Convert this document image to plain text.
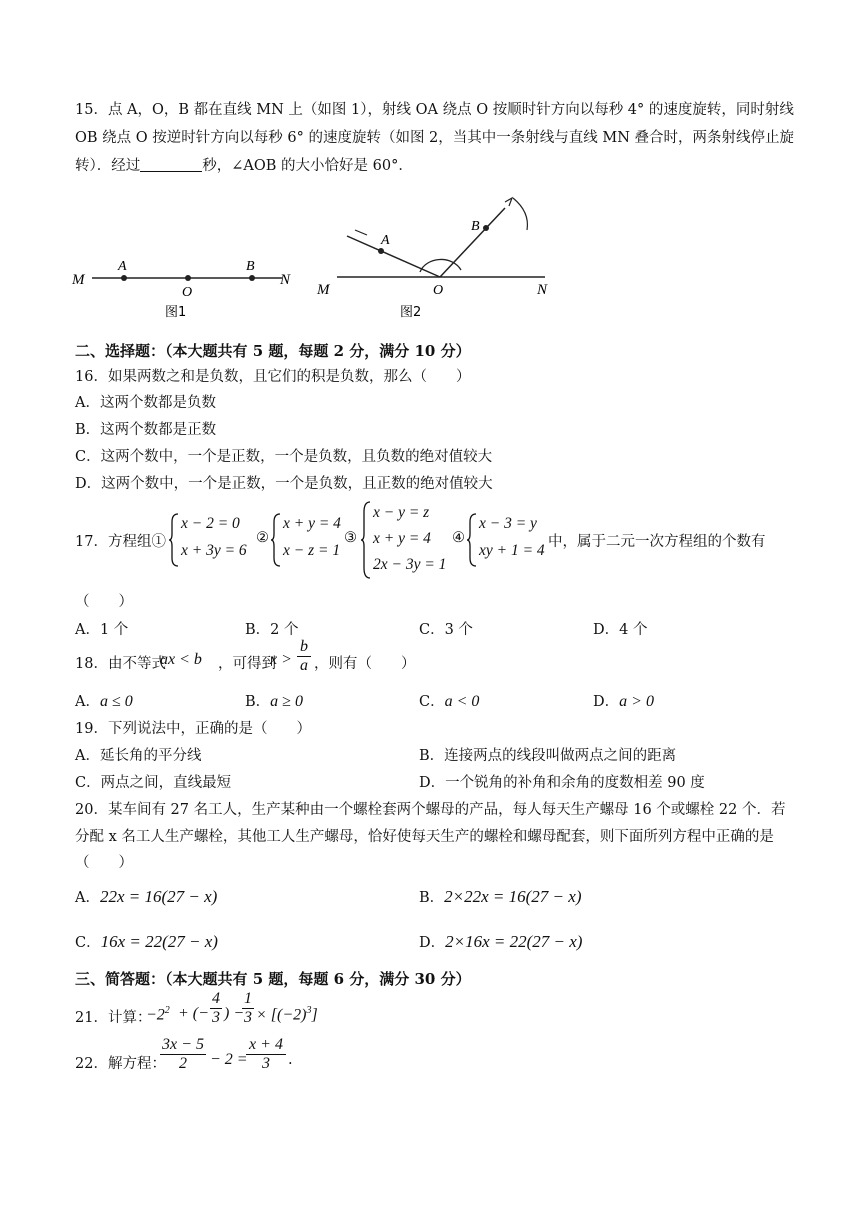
15．点 A，O，B 都在直线 MN 上（如图 1），射线 OA 绕点 O 按顺时针方向以每秒 4° 的速度旋转，同时射线
OB 绕点 O 按逆时针方向以每秒 6° 的速度旋转（如图 2，当其中一条射线与直线 MN 叠合时，两条射线停止旋
转）．经过	秒，∠AOB 的大小恰好是 60°．
M
A
O
B
N
图1
M
A
O
B
N
图2
二、选择题：（本大题共有 5 题，每题 2 分，满分 10 分）
16．如果两数之和是负数，且它们的积是负数，那么（　　）
A．这两个数都是负数
B．这两个数都是正数
C．这两个数中，一个是正数，一个是负数，且负数的绝对值较大
D．这两个数中，一个是正数，一个是负数，且正数的绝对值较大
17．方程组①
x − 2 = 0
x + 3y = 6
②
x + y = 4
x − z = 1
③
x − y = z
x + y = 4
2x − 3y = 1
④
x − 3 = y
xy + 1 = 4 中，属于二元一次方程组的个数有
（　　）
A．1 个	B．2 个	C．3 个	D．4 个
18．由不等式
ax < b ，可得到
$x > \frac{b}{a}$ ，则有（　　）
A．a ≤ 0	B．a ≥ 0	C．a < 0	D．a > 0
19．下列说法中，正确的是（　　）
A．延长角的平分线	B．连接两点的线段叫做两点之间的距离
C．两点之间，直线最短	D．一个锐角的补角和余角的度数相差 90 度
20．某车间有 27 名工人，生产某种由一个螺栓套两个螺母的产品，每人每天生产螺母 16 个或螺栓 22 个．若
分配 x 名工人生产螺栓，其他工人生产螺母，恰好使每天生产的螺栓和螺母配套，则下面所列方程中正确的是
（　　）
A．22x = 16(27 − x)	B．2×22x = 16(27 − x)
C．16x = 22(27 − x)	D．2×16x = 22(27 − x)
三、简答题：（本大题共有 5 题，每题 6 分，满分 30 分）
21．计算：
$-2^2$ + (− $\frac{4}{3}$ ) −
$\frac{1}{3} \times [(-2)^3]$
22．解方程：
$\frac{3x - 5}{2} - 2$ =
$\frac{x + 4}{3}$ .
